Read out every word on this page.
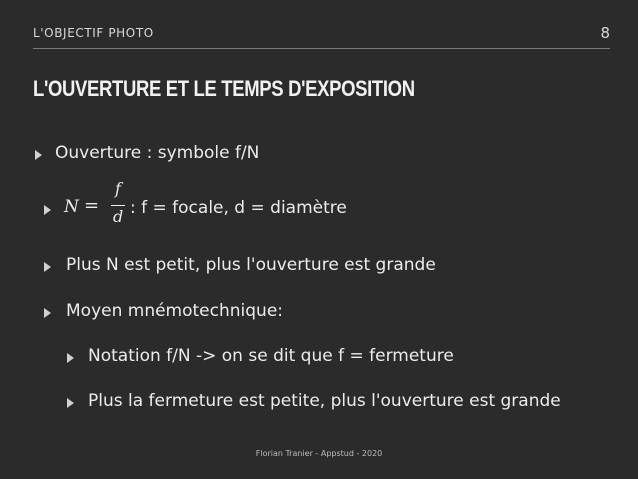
L'OBJECTIF PHOTO	8
L'OUVERTURE ET LE TEMPS D'EXPOSITION
Ouverture : symbole f/N
N =
f
d : f = focale, d = diamètre
Plus N est petit, plus l'ouverture est grande
Moyen mnémotechnique:
Notation f/N -> on se dit que f = fermeture
Plus la fermeture est petite, plus l'ouverture est grande
Florian Tranier - Appstud - 2020
